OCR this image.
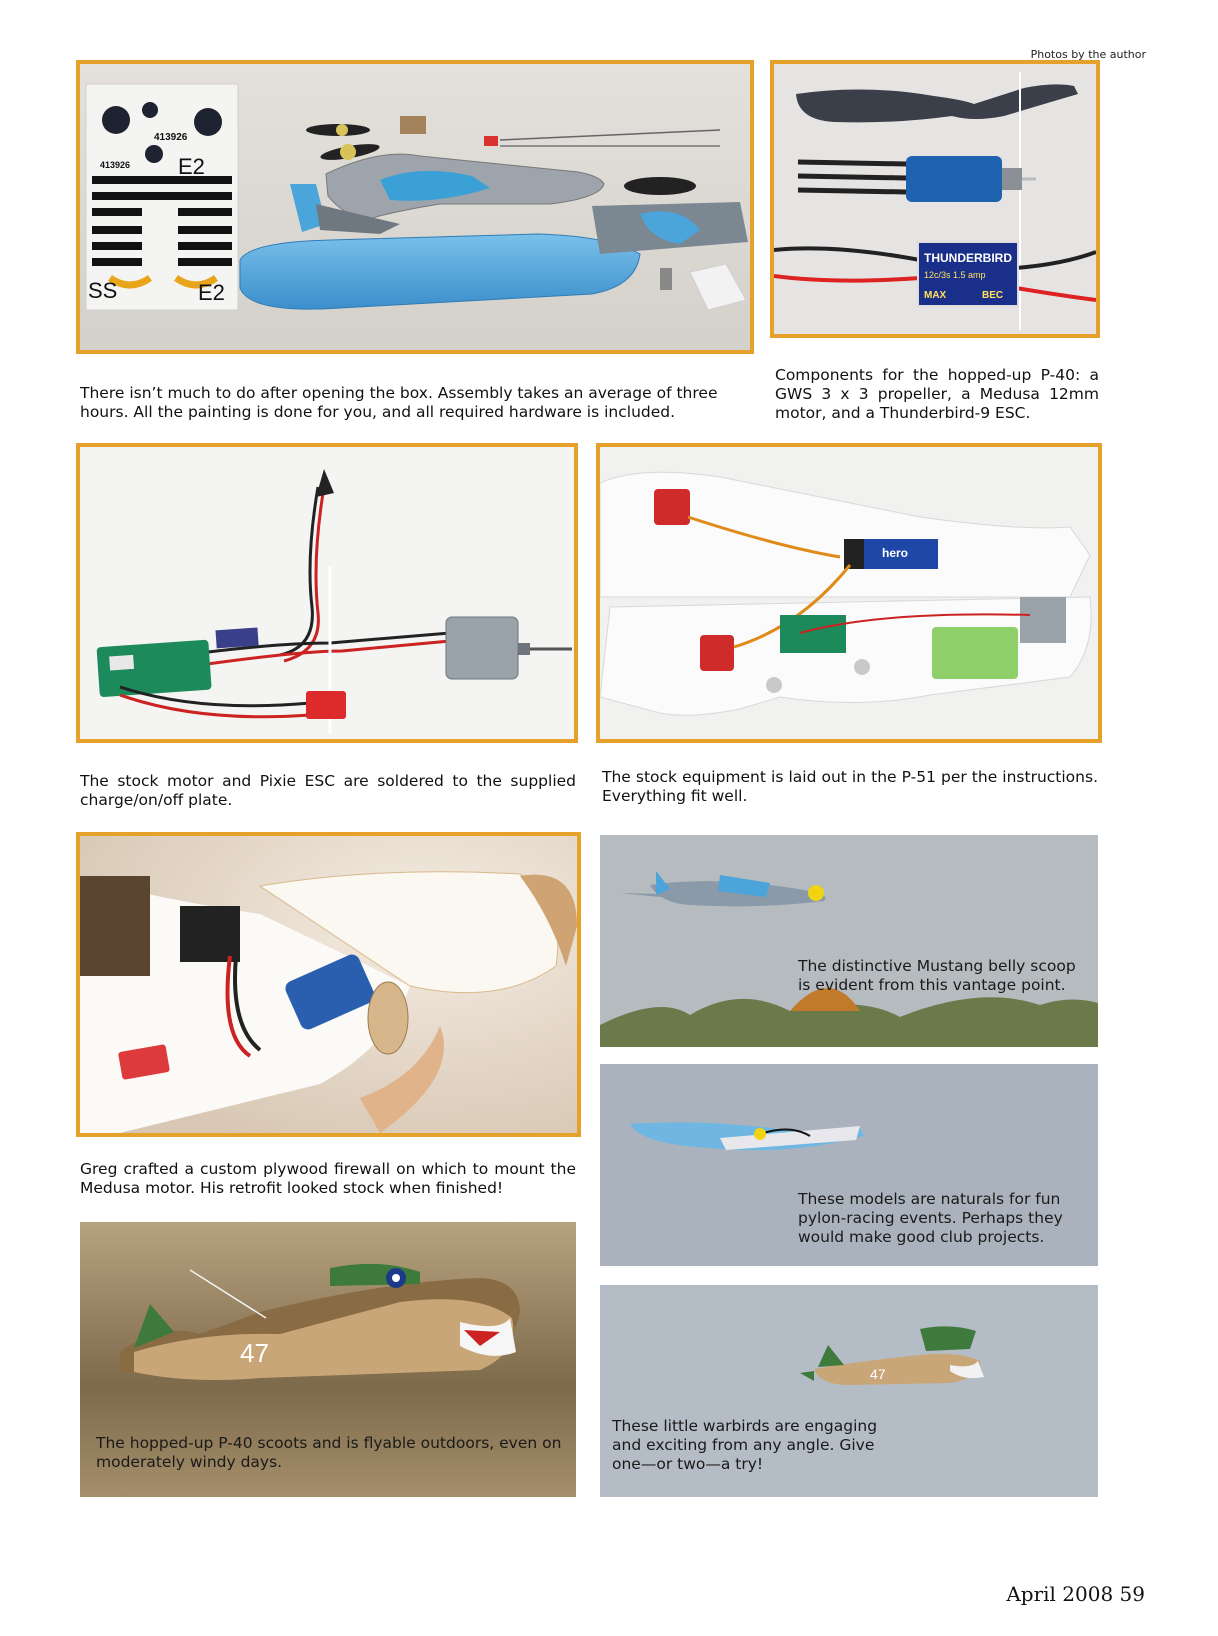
Photos by the author
413926
413926 E2
SS	E2
THUNDERBIRD
12c/3s 1.5 amp
MAX	BEC
There isn’t much to do after opening the box. Assembly takes an average of three hours. All the painting is done for you, and all required hardware is included.
Components for the hopped-up P-40: a GWS 3 x 3 propeller, a Medusa 12mm motor, and a Thunderbird-9 ESC.
hero
The stock motor and Pixie ESC are soldered to the supplied charge/on/off plate.
The stock equipment is laid out in the P-51 per the instructions. Everything fit well.
Greg crafted a custom plywood firewall on which to mount the Medusa motor. His retrofit looked stock when finished!
47
The hopped-up P-40 scoots and is flyable outdoors, even on moderately windy days.
The distinctive Mustang belly scoop is evident from this vantage point.
These models are naturals for fun pylon-racing events. Perhaps they would make good club projects.
47
These little warbirds are engaging and exciting from any angle. Give one—or two—a try!
April 2008 59
